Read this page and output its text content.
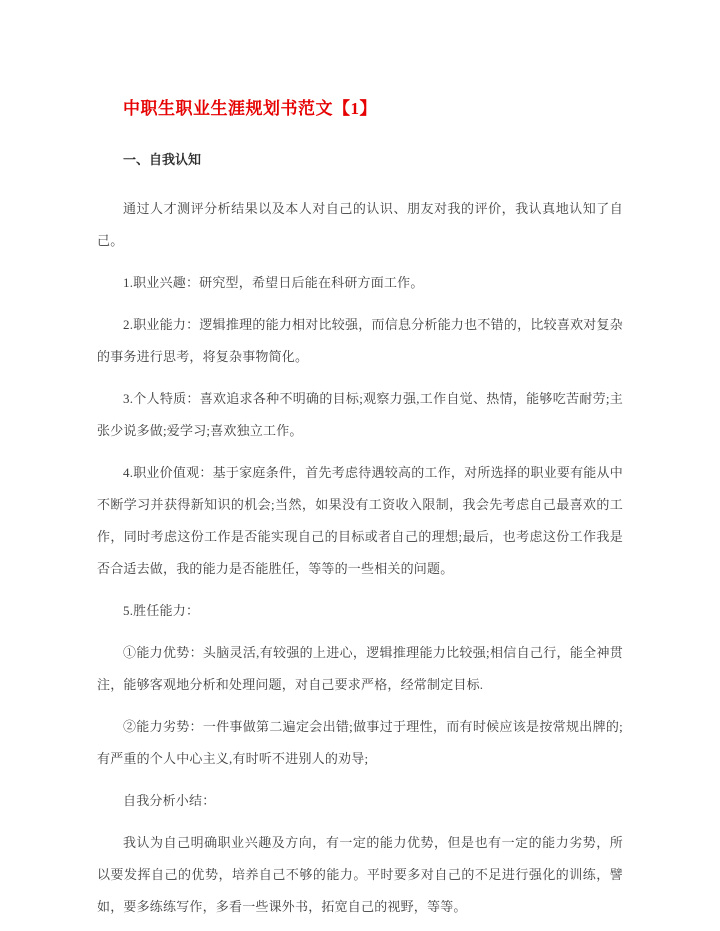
中职生职业生涯规划书范文【1】
一、自我认知

通过人才测评分析结果以及本人对自己的认识、朋友对我的评价，我认真地认知了自己。

1.职业兴趣：研究型，希望日后能在科研方面工作。

2.职业能力：逻辑推理的能力相对比较强，而信息分析能力也不错的，比较喜欢对复杂的事务进行思考，将复杂事物简化。

3.个人特质：喜欢追求各种不明确的目标;观察力强,工作自觉、热情，能够吃苦耐劳;主张少说多做;爱学习;喜欢独立工作。

4.职业价值观：基于家庭条件，首先考虑待遇较高的工作，对所选择的职业要有能从中不断学习并获得新知识的机会;当然，如果没有工资收入限制，我会先考虑自己最喜欢的工作，同时考虑这份工作是否能实现自己的目标或者自己的理想;最后，也考虑这份工作我是否合适去做，我的能力是否能胜任，等等的一些相关的问题。

5.胜任能力：

①能力优势：头脑灵活,有较强的上进心，逻辑推理能力比较强;相信自己行，能全神贯注，能够客观地分析和处理问题，对自己要求严格，经常制定目标.

②能力劣势：一件事做第二遍定会出错;做事过于理性，而有时候应该是按常规出牌的;有严重的个人中心主义,有时听不进别人的劝导;

自我分析小结：

我认为自己明确职业兴趣及方向，有一定的能力优势，但是也有一定的能力劣势，所以要发挥自己的优势，培养自己不够的能力。平时要多对自己的不足进行强化的训练，譬如，要多练练写作，多看一些课外书，拓宽自己的视野，等等。
